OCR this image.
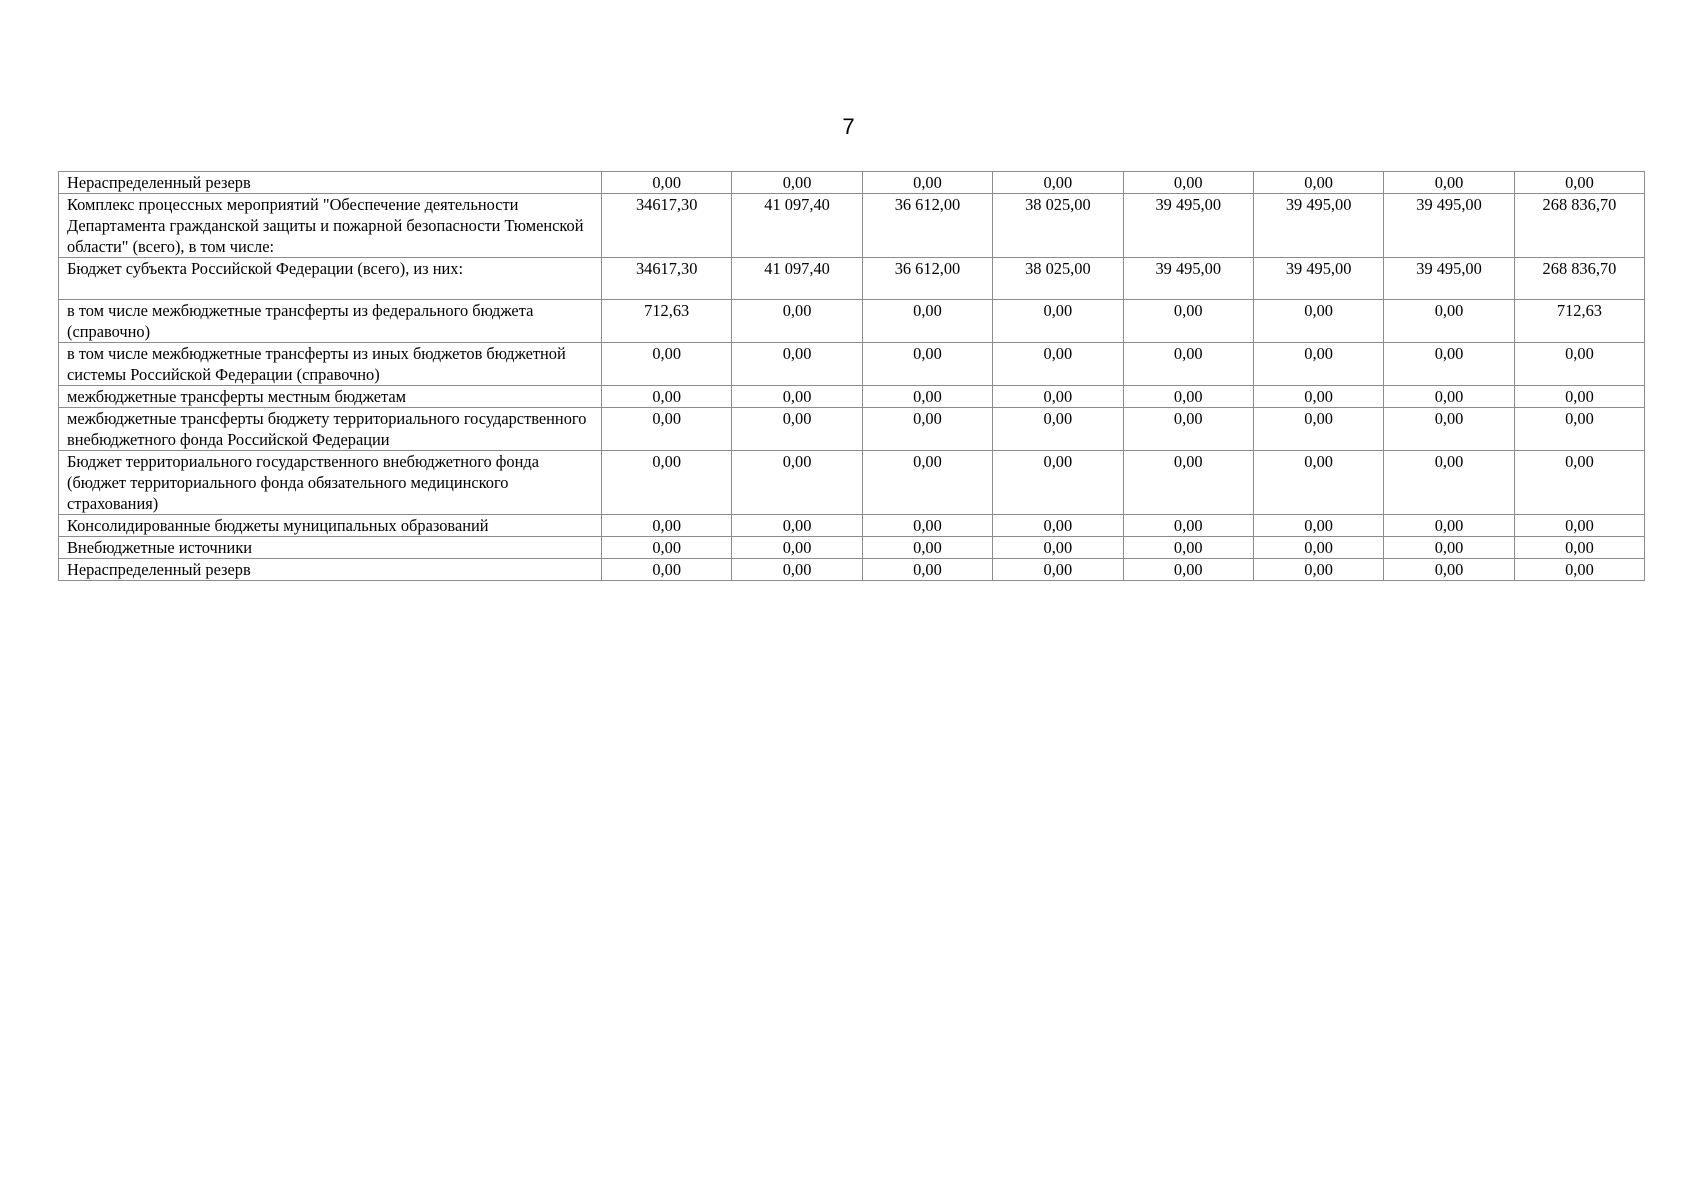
7
Нераспределенный резерв	0,00	0,00	0,00	0,00	0,00	0,00	0,00	0,00
Комплекс процессных мероприятий "Обеспечение деятельности Департамента гражданской защиты и пожарной безопасности Тюменской области" (всего), в том числе:	34617,30	41 097,40	36 612,00	38 025,00	39 495,00	39 495,00	39 495,00	268 836,70
Бюджет субъекта Российской Федерации (всего), из них:	34617,30	41 097,40	36 612,00	38 025,00	39 495,00	39 495,00	39 495,00	268 836,70
в том числе межбюджетные трансферты из федерального бюджета (справочно)	712,63	0,00	0,00	0,00	0,00	0,00	0,00	712,63
в том числе межбюджетные трансферты из иных бюджетов бюджетной системы Российской Федерации (справочно)	0,00	0,00	0,00	0,00	0,00	0,00	0,00	0,00
межбюджетные трансферты местным бюджетам	0,00	0,00	0,00	0,00	0,00	0,00	0,00	0,00
межбюджетные трансферты бюджету территориального государственного внебюджетного фонда Российской Федерации	0,00	0,00	0,00	0,00	0,00	0,00	0,00	0,00
Бюджет территориального государственного внебюджетного фонда (бюджет территориального фонда обязательного медицинского страхования)	0,00	0,00	0,00	0,00	0,00	0,00	0,00	0,00
Консолидированные бюджеты муниципальных образований	0,00	0,00	0,00	0,00	0,00	0,00	0,00	0,00
Внебюджетные источники	0,00	0,00	0,00	0,00	0,00	0,00	0,00	0,00
Нераспределенный резерв	0,00	0,00	0,00	0,00	0,00	0,00	0,00	0,00
